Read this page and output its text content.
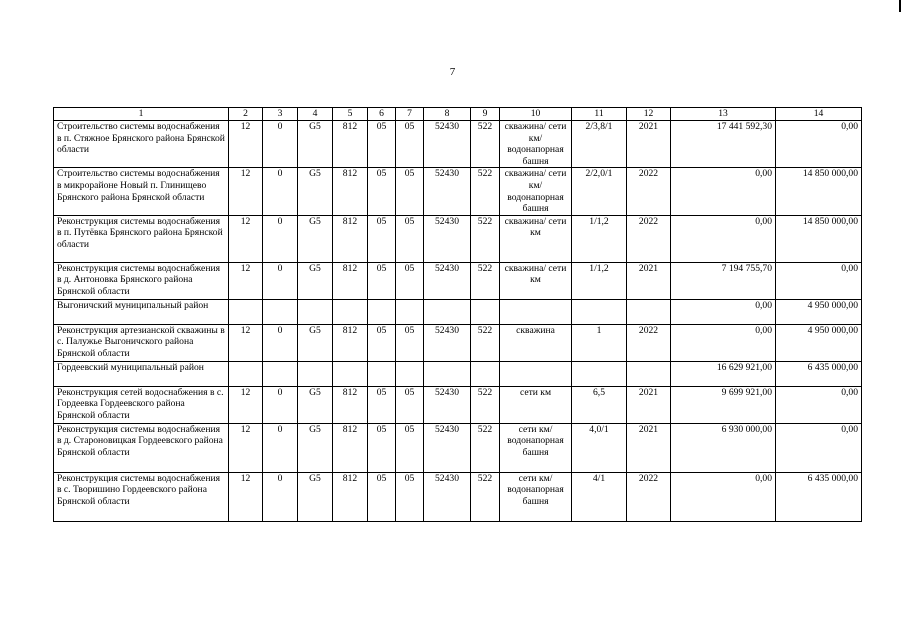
7
1	2	3	4	5	6	7	8	9	10	11	12	13	14
Строительство системы водоснабжения в п. Стяжное Брянского района Брянской области	12	0	G5	812	05	05	52430	522	скважина/ сети км/ водонапорная башня	2/3,8/1	2021	17 441 592,30	0,00
Строительство системы водоснабжения в микрорайоне Новый п. Глинищево Брянского района Брянской области	12	0	G5	812	05	05	52430	522	скважина/ сети км/ водонапорная башня	2/2,0/1	2022	0,00	14 850 000,00
Реконструкция системы водоснабжения в п. Путёвка Брянского района Брянской области	12	0	G5	812	05	05	52430	522	скважина/ сети км	1/1,2	2022	0,00	14 850 000,00
Реконструкция системы водоснабжения в д. Антоновка Брянского района Брянской области	12	0	G5	812	05	05	52430	522	скважина/ сети км	1/1,2	2021	7 194 755,70	0,00
Выгоничский муниципальный район												0,00	4 950 000,00
Реконструкция артезианской скважины в с. Палужье Выгоничского района Брянской области	12	0	G5	812	05	05	52430	522	скважина	1	2022	0,00	4 950 000,00
Гордеевский муниципальный район												16 629 921,00	6 435 000,00
Реконструкция сетей водоснабжения в с. Гордеевка Гордеевского района Брянской области	12	0	G5	812	05	05	52430	522	сети км	6,5	2021	9 699 921,00	0,00
Реконструкция системы водоснабжения в д. Староновицкая Гордеевского района Брянской области	12	0	G5	812	05	05	52430	522	сети км/ водонапорная башня	4,0/1	2021	6 930 000,00	0,00
Реконструкция системы водоснабжения в с. Творишино Гордеевского района Брянской области	12	0	G5	812	05	05	52430	522	сети км/ водонапорная башня	4/1	2022	0,00	6 435 000,00
